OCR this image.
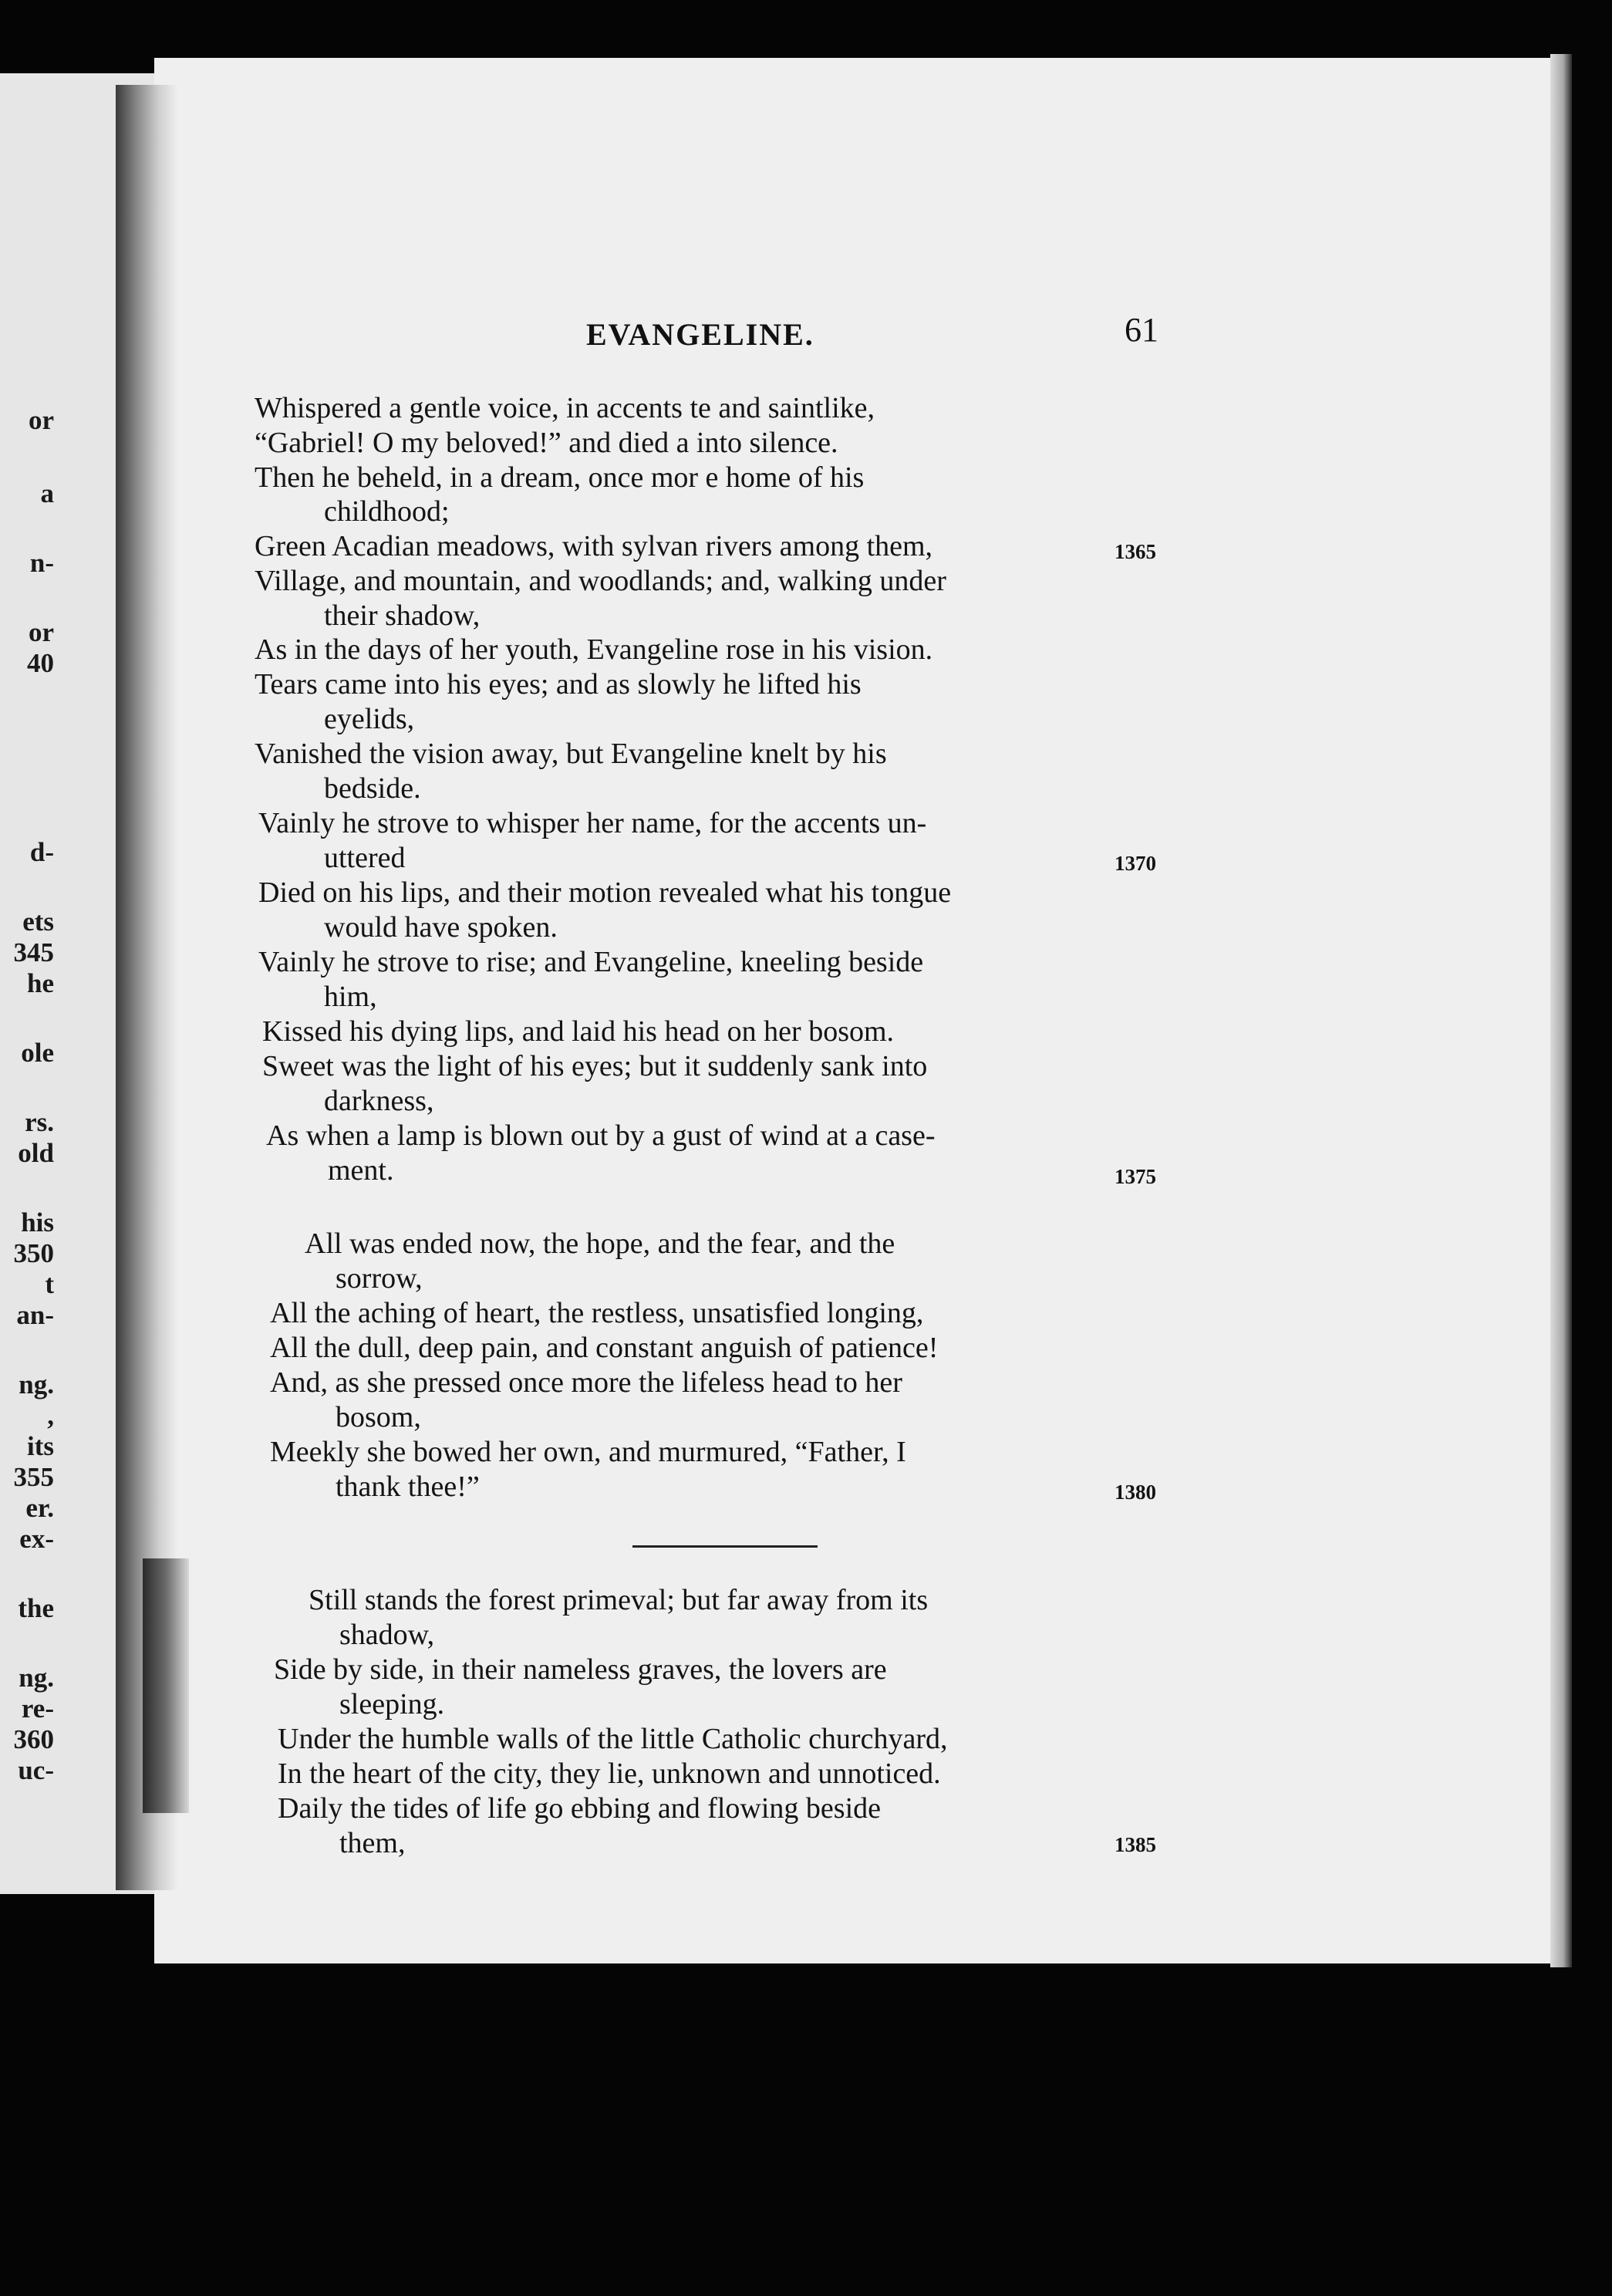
or
a
n-
or
40
d-
ets
345
he
ole
rs.
old
his
350
t
an-
ng.
,
its
355
er.
ex-
the
ng.
re-
360
uc-
EVANGELINE.	61
Whispered a gentle voice, in accents te and saintlike,
“Gabriel! O my beloved!” and died a into silence.
Then he beheld, in a dream, once mor e home of his
childhood;
Green Acadian meadows, with sylvan rivers among them,	1365
Village, and mountain, and woodlands; and, walking under
their shadow,
As in the days of her youth, Evangeline rose in his vision.
Tears came into his eyes; and as slowly he lifted his
eyelids,
Vanished the vision away, but Evangeline knelt by his
bedside.
Vainly he strove to whisper her name, for the accents un-
uttered	1370
Died on his lips, and their motion revealed what his tongue
would have spoken.
Vainly he strove to rise; and Evangeline, kneeling beside
him,
Kissed his dying lips, and laid his head on her bosom.
Sweet was the light of his eyes; but it suddenly sank into
darkness,
As when a lamp is blown out by a gust of wind at a case-
ment.	1375
All was ended now, the hope, and the fear, and the
sorrow,
All the aching of heart, the restless, unsatisfied longing,
All the dull, deep pain, and constant anguish of patience!
And, as she pressed once more the lifeless head to her
bosom,
Meekly she bowed her own, and murmured, “Father, I
thank thee!”	1380
Still stands the forest primeval; but far away from its
shadow,
Side by side, in their nameless graves, the lovers are
sleeping.
Under the humble walls of the little Catholic churchyard,
In the heart of the city, they lie, unknown and unnoticed.
Daily the tides of life go ebbing and flowing beside
them,	1385
